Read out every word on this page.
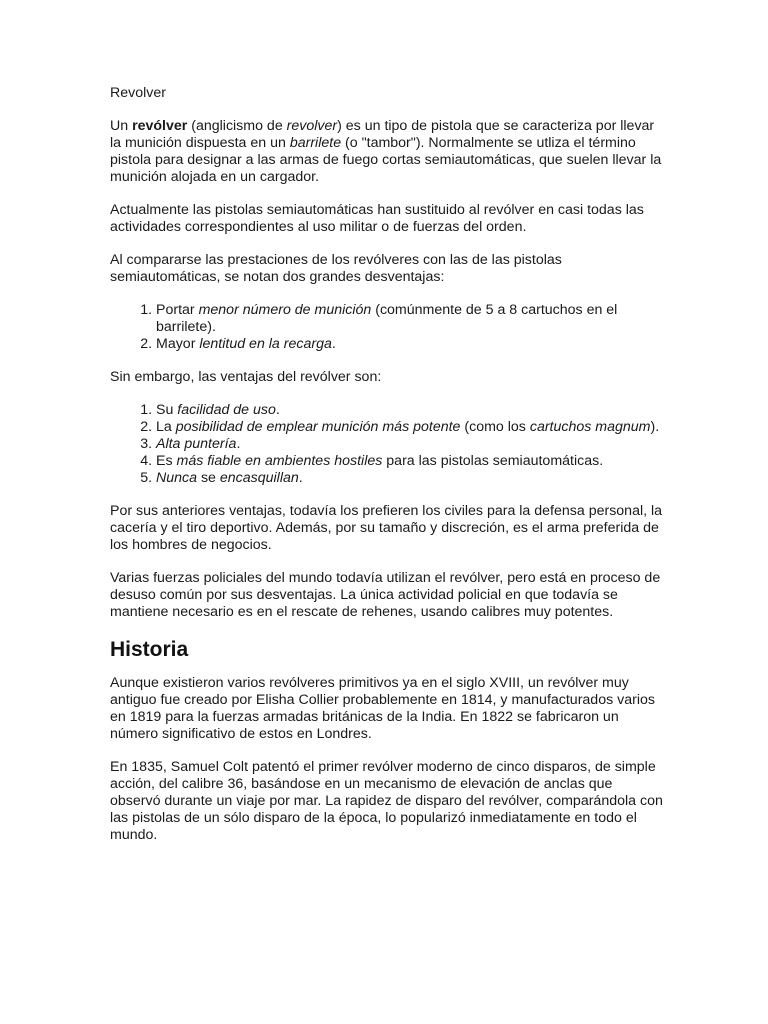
Revolver

Un revólver (anglicismo de revolver) es un tipo de pistola que se caracteriza por llevar la munición dispuesta en un barrilete (o "tambor"). Normalmente se utliza el término pistola para designar a las armas de fuego cortas semiautomáticas, que suelen llevar la munición alojada en un cargador.

Actualmente las pistolas semiautomáticas han sustituido al revólver en casi todas las actividades correspondientes al uso militar o de fuerzas del orden.

Al compararse las prestaciones de los revólveres con las de las pistolas semiautomáticas, se notan dos grandes desventajas:

1. Portar menor número de munición (comúnmente de 5 a 8 cartuchos en el barrilete).
2. Mayor lentitud en la recarga.

Sin embargo, las ventajas del revólver son:

1. Su facilidad de uso.
2. La posibilidad de emplear munición más potente (como los cartuchos magnum).
3. Alta puntería.
4. Es más fiable en ambientes hostiles para las pistolas semiautomáticas.
5. Nunca se encasquillan.

Por sus anteriores ventajas, todavía los prefieren los civiles para la defensa personal, la cacería y el tiro deportivo. Además, por su tamaño y discreción, es el arma preferida de los hombres de negocios.

Varias fuerzas policiales del mundo todavía utilizan el revólver, pero está en proceso de desuso común por sus desventajas. La única actividad policial en que todavía se mantiene necesario es en el rescate de rehenes, usando calibres muy potentes.

Historia

Aunque existieron varios revólveres primitivos ya en el siglo XVIII, un revólver muy antiguo fue creado por Elisha Collier probablemente en 1814, y manufacturados varios en 1819 para la fuerzas armadas británicas de la India. En 1822 se fabricaron un número significativo de estos en Londres.

En 1835, Samuel Colt patentó el primer revólver moderno de cinco disparos, de simple acción, del calibre 36, basándose en un mecanismo de elevación de anclas que observó durante un viaje por mar. La rapidez de disparo del revólver, comparándola con las pistolas de un sólo disparo de la época, lo popularizó inmediatamente en todo el mundo.
